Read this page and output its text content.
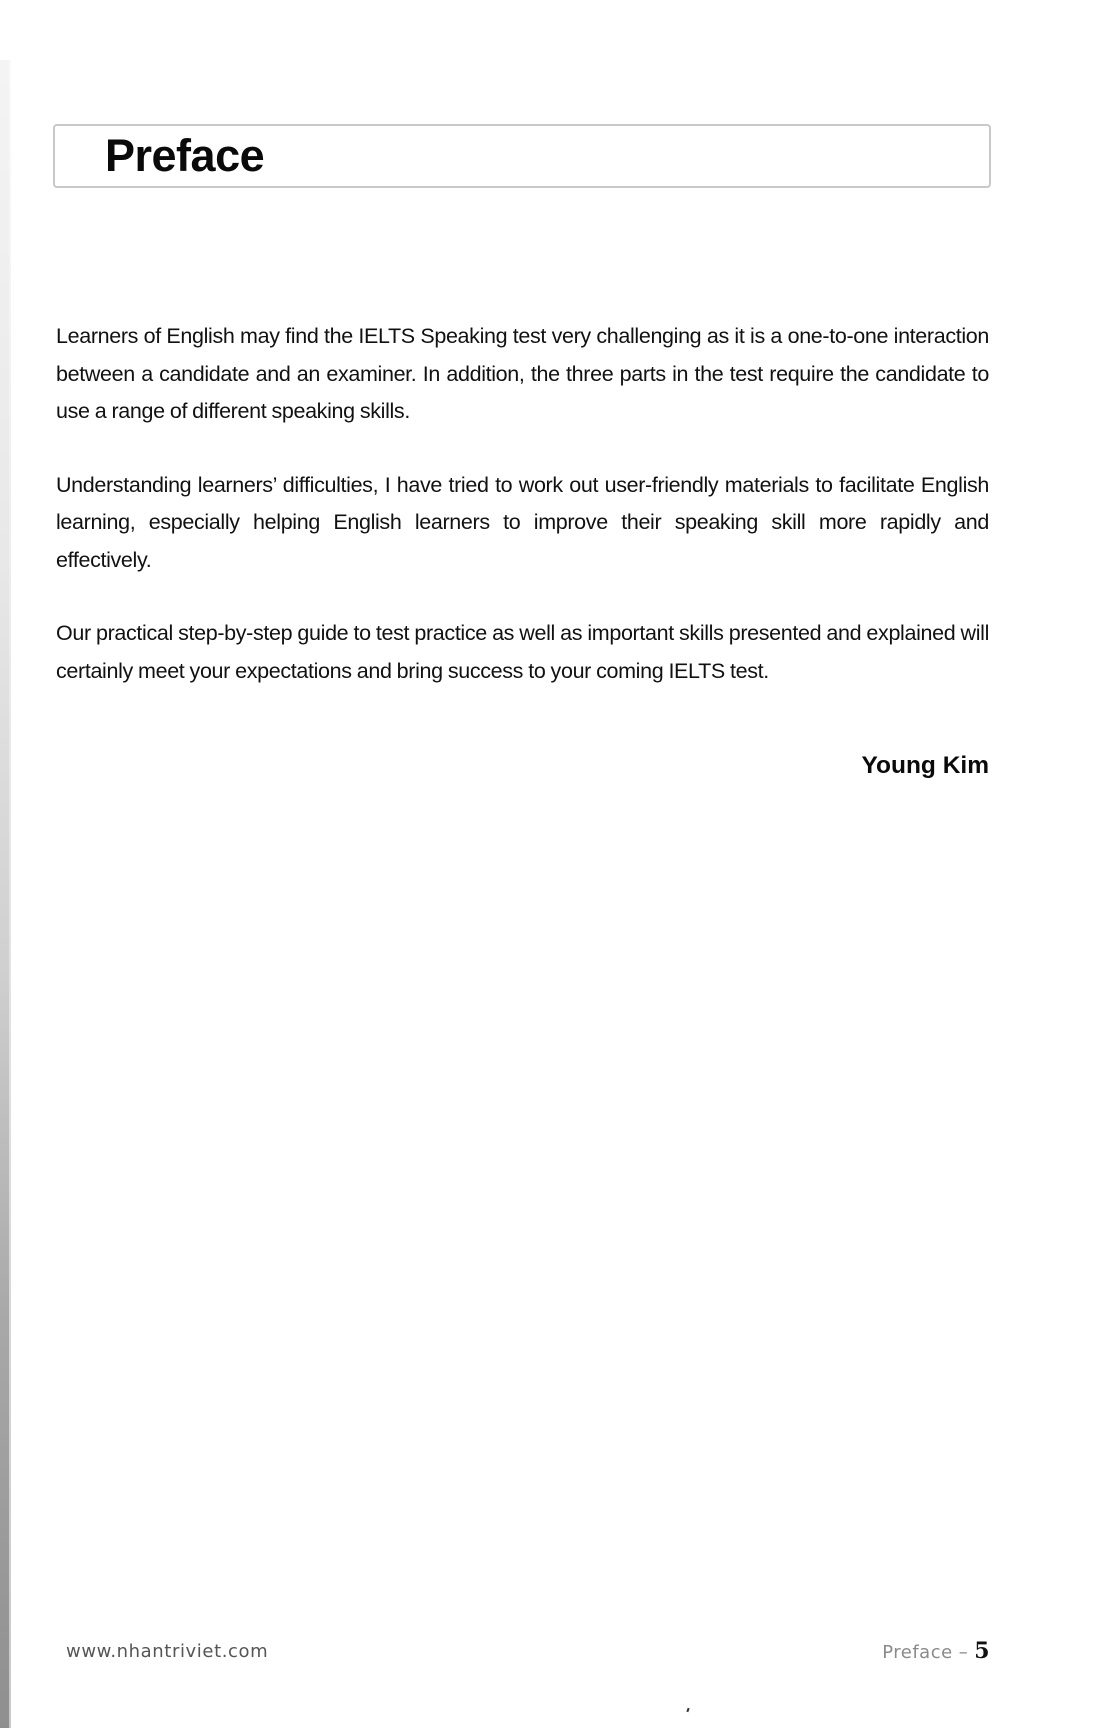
Preface

Learners of English may find the IELTS Speaking test very challenging as it is a one-to-one interaction between a candidate and an examiner. In addition, the three parts in the test require the candidate to use a range of different speaking skills.

Understanding learners’ difficulties, I have tried to work out user-friendly materials to facilitate English learning, especially helping English learners to improve their speaking skill more rapidly and effectively.

Our practical step-by-step guide to test practice as well as important skills presented and explained will certainly meet your expectations and bring success to your coming IELTS test.

Young Kim
www.nhantriviet.com	Preface – 5
